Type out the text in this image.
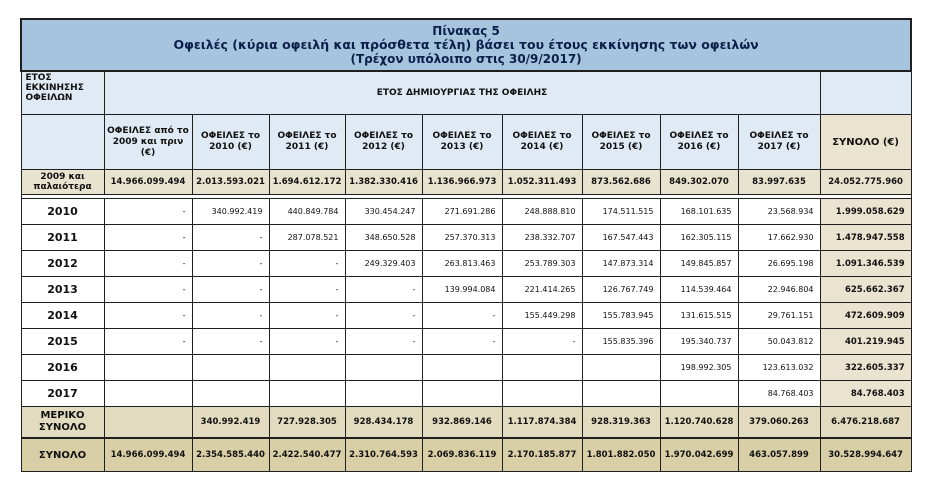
Πίνακας 5
Οφειλές (κύρια οφειλή και πρόσθετα τέλη) βάσει του έτους εκκίνησης των οφειλών
(Τρέχον υπόλοιπο στις 30/9/2017)										

ΕΤΟΣ ΕΚΚΙΝΗΣΗΣ ΟΦΕΙΛΩΝ	ΕΤΟΣ ΔΗΜΙΟΥΡΓΙΑΣ ΤΗΣ ΟΦΕΙΛΗΣ									
	ΟΦΕΙΛΕΣ από το 2009 και πριν (€)	ΟΦΕΙΛΕΣ το 2010 (€)	ΟΦΕΙΛΕΣ το 2011 (€)	ΟΦΕΙΛΕΣ το 2012 (€)	ΟΦΕΙΛΕΣ το 2013 (€)	ΟΦΕΙΛΕΣ το 2014 (€)	ΟΦΕΙΛΕΣ το 2015 (€)	ΟΦΕΙΛΕΣ το 2016 (€)	ΟΦΕΙΛΕΣ το 2017 (€)	ΣΥΝΟΛΟ (€)
2009 και παλαιότερα	14.966.099.494	2.013.593.021	1.694.612.172	1.382.330.416	1.136.966.973	1.052.311.493	873.562.686	849.302.070	83.997.635	24.052.775.960

2010	-	340.992.419	440.849.784	330.454.247	271.691.286	248.888.810	174.511.515	168.101.635	23.568.934	1.999.058.629
2011	-	-	287.078.521	348.650.528	257.370.313	238.332.707	167.547.443	162.305.115	17.662.930	1.478.947.558
2012	-	-	-	249.329.403	263.813.463	253.789.303	147.873.314	149.845.857	26.695.198	1.091.346.539
2013	-	-	-	-	139.994.084	221.414.265	126.767.749	114.539.464	22.946.804	625.662.367
2014	-	-	-	-	-	155.449.298	155.783.945	131.615.515	29.761.151	472.609.909
2015	-	-	-	-	-	-	155.835.396	195.340.737	50.043.812	401.219.945
2016								198.992.305	123.613.032	322.605.337
2017									84.768.403	84.768.403
ΜΕΡΙΚΟ ΣΥΝΟΛΟ		340.992.419	727.928.305	928.434.178	932.869.146	1.117.874.384	928.319.363	1.120.740.628	379.060.263	6.476.218.687
ΣΥΝΟΛΟ	14.966.099.494	2.354.585.440	2.422.540.477	2.310.764.593	2.069.836.119	2.170.185.877	1.801.882.050	1.970.042.699	463.057.899	30.528.994.647
